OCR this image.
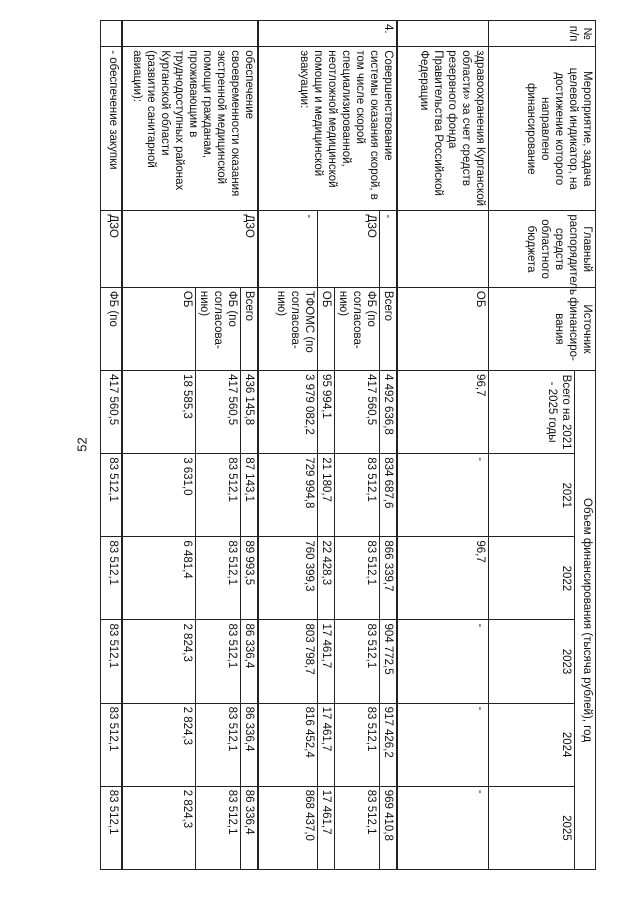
52
№ п/п	Мероприятие, задача целевой индикатор, на достижение которого направлено финансирование	Главный распорядитель средств областного бюджета	Источник финансиро-вания	Объем финансирования (тысяча рублей), год					
				Всего на 2021 - 2025 годы	2021	2022	2023	2024	2025
	здравоохранения Курганской области» за счет средств резервного фонда Правительства Российской Федерации		ОБ	96,7	-	96,7	-	-	-
4.	Совершенствование системы оказания скорой, в том числе скорой специализированной, неотложной медицинской помощи и медицинской эвакуации:	-	Всего	4 492 636,8	834 687,6	866 339,7	904 772,5	917 426,2	969 410,8
		ДЗО	ФБ (по согласова-нию)	417 560,5	83 512,1	83 512,1	83 512,1	83 512,1	83 512,1
			ОБ	95 994,1	21 180,7	22 428,3	17 461,7	17 461,7	17 461,7
		-	ТФОМС (по согласова-нию)	3 979 082,2	729 994,8	760 399,3	803 798,7	816 452,4	868 437,0
	обеспечение своевременности оказания экстренной медицинской помощи гражданам, проживающим в труднодоступных районах Курганской области (развитие санитарной авиации):	ДЗО	Всего	436 145,8	87 143,1	89 993,5	86 336,4	86 336,4	86 336,4
			ФБ (по согласова-нию)	417 560,5	83 512,1	83 512,1	83 512,1	83 512,1	83 512,1
			ОБ	18 585,3	3 631,0	6 481,4	2 824,3	2 824,3	2 824,3
	- обеспечение закупки	ДЗО	ФБ (по	417 560,5	83 512,1	83 512,1	83 512,1	83 512,1	83 512,1
